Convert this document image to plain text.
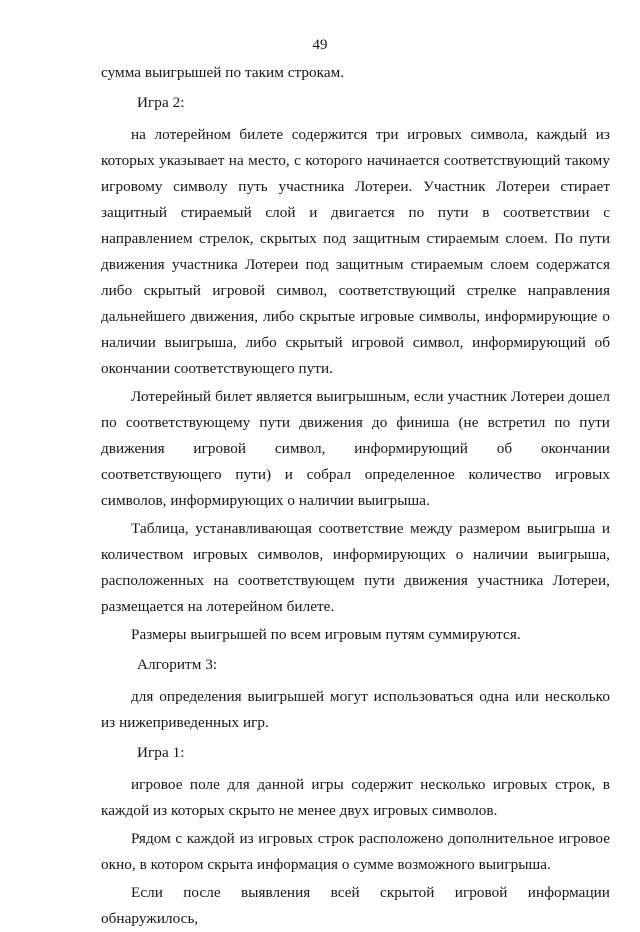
49

сумма выигрышей по таким строкам.

Игра 2:

на лотерейном билете содержится три игровых символа, каждый из которых указывает на место, с которого начинается соответствующий такому игровому символу путь участника Лотереи. Участник Лотереи стирает защитный стираемый слой и двигается по пути в соответствии с направлением стрелок, скрытых под защитным стираемым слоем. По пути движения участника Лотереи под защитным стираемым слоем содержатся либо скрытый игровой символ, соответствующий стрелке направления дальнейшего движения, либо скрытые игровые символы, информирующие о наличии выигрыша, либо скрытый игровой символ, информирующий об окончании соответствующего пути.

Лотерейный билет является выигрышным, если участник Лотереи дошел по соответствующему пути движения до финиша (не встретил по пути движения игровой символ, информирующий об окончании соответствующего пути) и собрал определенное количество игровых символов, информирующих о наличии выигрыша.

Таблица, устанавливающая соответствие между размером выигрыша и количеством игровых символов, информирующих о наличии выигрыша, расположенных на соответствующем пути движения участника Лотереи, размещается на лотерейном билете.

Размеры выигрышей по всем игровым путям суммируются.

Алгоритм 3:

для определения выигрышей могут использоваться одна или несколько из нижеприведенных игр.

Игра 1:

игровое поле для данной игры содержит несколько игровых строк, в каждой из которых скрыто не менее двух игровых символов.

Рядом с каждой из игровых строк расположено дополнительное игровое окно, в котором скрыта информация о сумме возможного выигрыша.

Если после выявления всей скрытой игровой информации обнаружилось,
